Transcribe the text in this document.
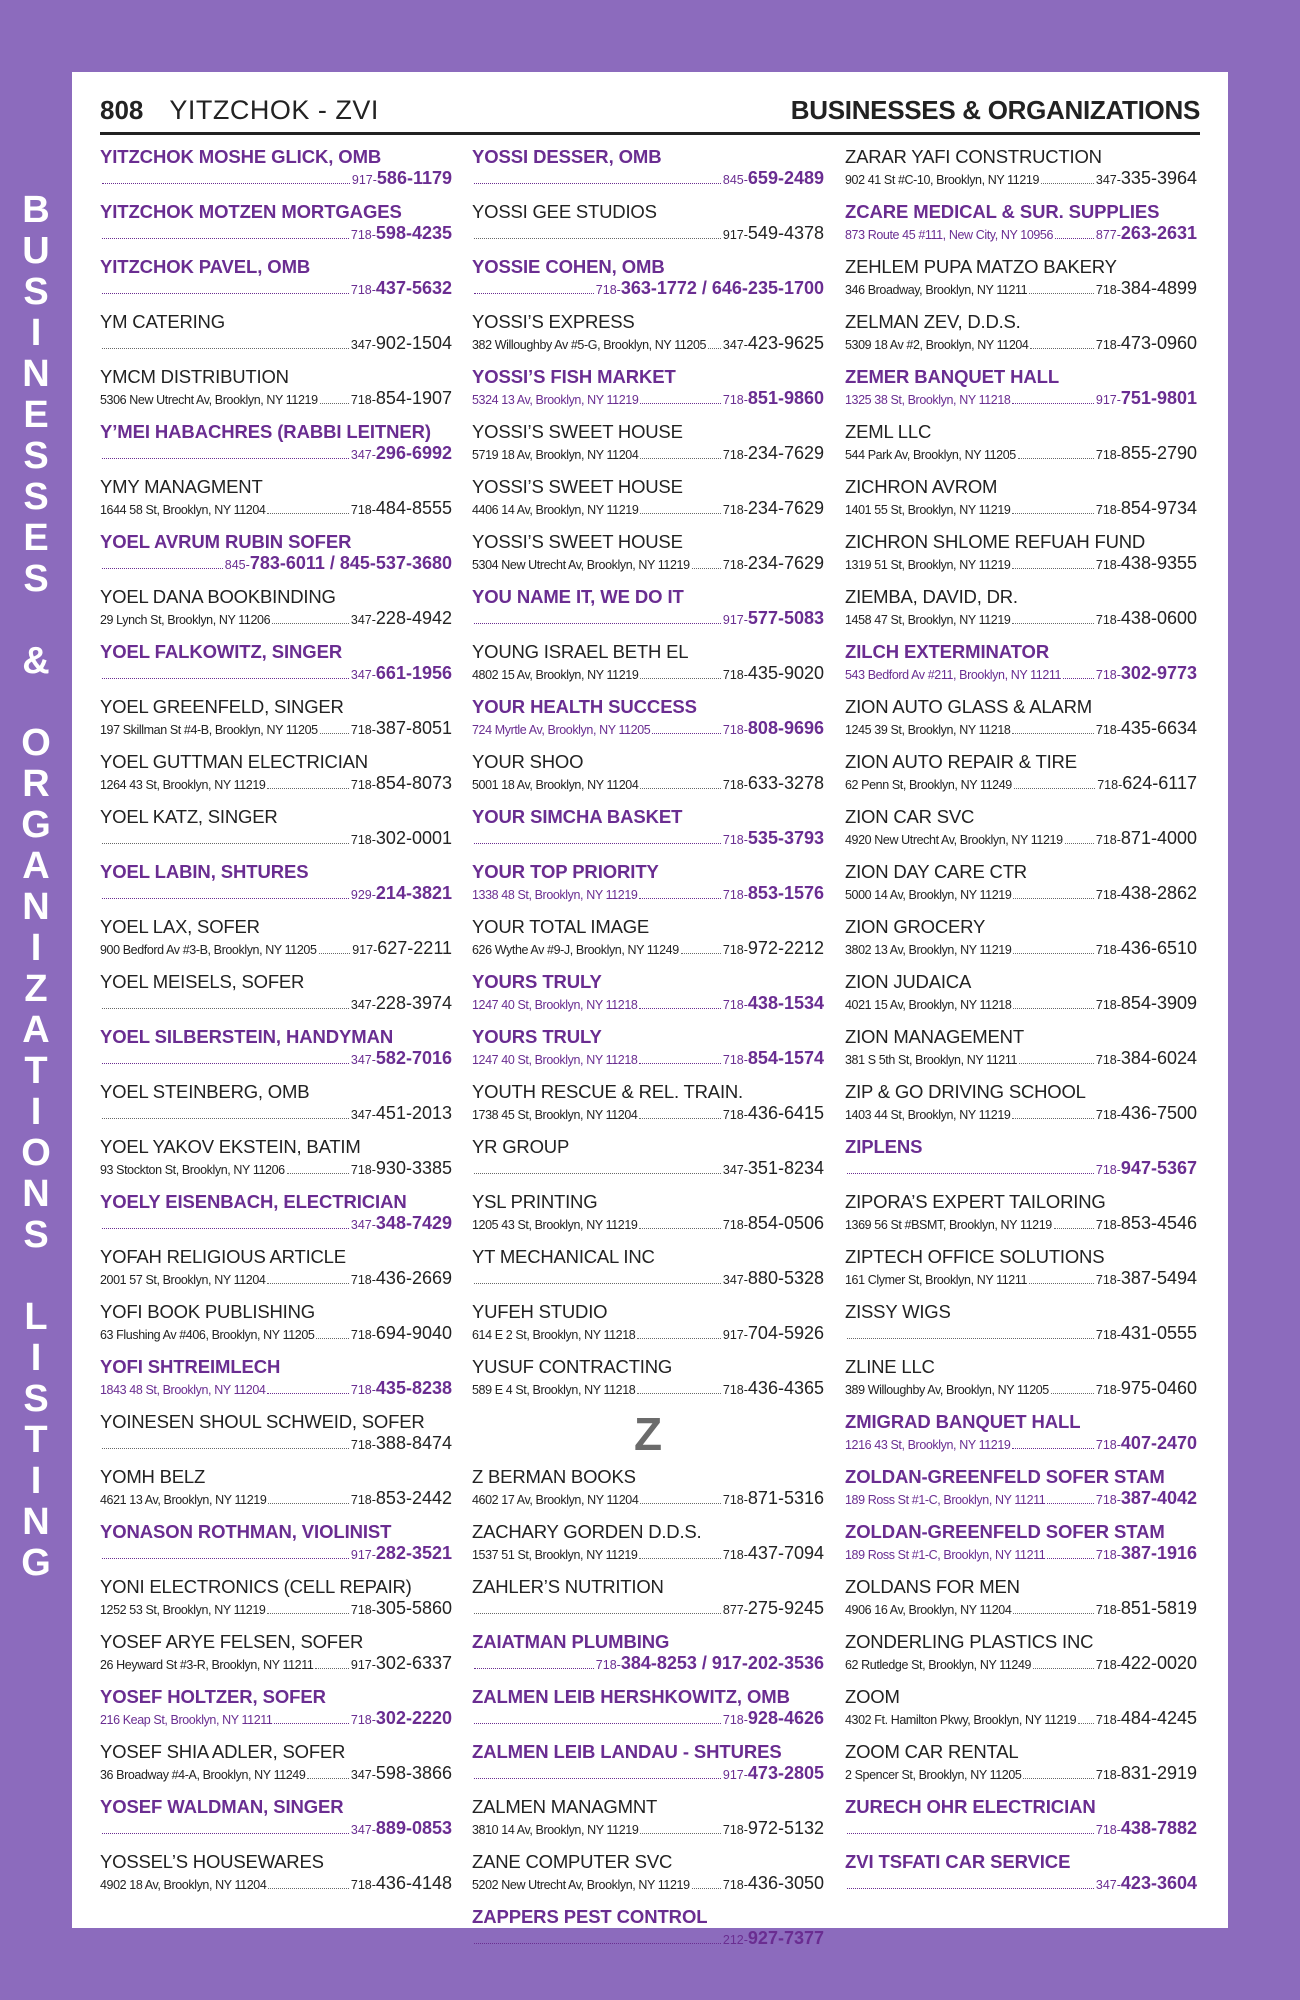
B
U
S
I
N
E
S
S
E
S
&
O
R
G
A
N
I
Z
A
T
I
O
N
S
L
I
S
T
I
N
G
808 YITZCHOK - ZVI	BUSINESSES & ORGANIZATIONS
YITZCHOK MOSHE GLICK, OMB
917-586-1179
YITZCHOK MOTZEN MORTGAGES
718-598-4235
YITZCHOK PAVEL, OMB
718-437-5632
YM CATERING
347-902-1504
YMCM DISTRIBUTION
5306 New Utrecht Av, Brooklyn, NY 11219	718-854-1907
Y’MEI HABACHRES (RABBI LEITNER)
347-296-6992
YMY MANAGMENT
1644 58 St, Brooklyn, NY 11204	718-484-8555
YOEL AVRUM RUBIN SOFER
845-783-6011 / 845-537-3680
YOEL DANA BOOKBINDING
29 Lynch St, Brooklyn, NY 11206	347-228-4942
YOEL FALKOWITZ, SINGER
347-661-1956
YOEL GREENFELD, SINGER
197 Skillman St #4-B, Brooklyn, NY 11205	718-387-8051
YOEL GUTTMAN ELECTRICIAN
1264 43 St, Brooklyn, NY 11219	718-854-8073
YOEL KATZ, SINGER
718-302-0001
YOEL LABIN, SHTURES
929-214-3821
YOEL LAX, SOFER
900 Bedford Av #3-B, Brooklyn, NY 11205	917-627-2211
YOEL MEISELS, SOFER
347-228-3974
YOEL SILBERSTEIN, HANDYMAN
347-582-7016
YOEL STEINBERG, OMB
347-451-2013
YOEL YAKOV EKSTEIN, BATIM
93 Stockton St, Brooklyn, NY 11206	718-930-3385
YOELY EISENBACH, ELECTRICIAN
347-348-7429
YOFAH RELIGIOUS ARTICLE
2001 57 St, Brooklyn, NY 11204	718-436-2669
YOFI BOOK PUBLISHING
63 Flushing Av #406, Brooklyn, NY 11205	718-694-9040
YOFI SHTREIMLECH
1843 48 St, Brooklyn, NY 11204	718-435-8238
YOINESEN SHOUL SCHWEID, SOFER
718-388-8474
YOMH BELZ
4621 13 Av, Brooklyn, NY 11219	718-853-2442
YONASON ROTHMAN, VIOLINIST
917-282-3521
YONI ELECTRONICS (CELL REPAIR)
1252 53 St, Brooklyn, NY 11219	718-305-5860
YOSEF ARYE FELSEN, SOFER
26 Heyward St #3-R, Brooklyn, NY 11211	917-302-6337
YOSEF HOLTZER, SOFER
216 Keap St, Brooklyn, NY 11211	718-302-2220
YOSEF SHIA ADLER, SOFER
36 Broadway #4-A, Brooklyn, NY 11249	347-598-3866
YOSEF WALDMAN, SINGER
347-889-0853
YOSSEL’S HOUSEWARES
4902 18 Av, Brooklyn, NY 11204	718-436-4148
YOSSI DESSER, OMB
845-659-2489
YOSSI GEE STUDIOS
917-549-4378
YOSSIE COHEN, OMB
718-363-1772 / 646-235-1700
YOSSI’S EXPRESS
382 Willoughby Av #5-G, Brooklyn, NY 11205 347-423-9625
YOSSI’S FISH MARKET
5324 13 Av, Brooklyn, NY 11219	718-851-9860
YOSSI’S SWEET HOUSE
5719 18 Av, Brooklyn, NY 11204	718-234-7629
YOSSI’S SWEET HOUSE
4406 14 Av, Brooklyn, NY 11219	718-234-7629
YOSSI’S SWEET HOUSE
5304 New Utrecht Av, Brooklyn, NY 11219	718-234-7629
YOU NAME IT, WE DO IT
917-577-5083
YOUNG ISRAEL BETH EL
4802 15 Av, Brooklyn, NY 11219	718-435-9020
YOUR HEALTH SUCCESS
724 Myrtle Av, Brooklyn, NY 11205	718-808-9696
YOUR SHOO
5001 18 Av, Brooklyn, NY 11204	718-633-3278
YOUR SIMCHA BASKET
718-535-3793
YOUR TOP PRIORITY
1338 48 St, Brooklyn, NY 11219	718-853-1576
YOUR TOTAL IMAGE
626 Wythe Av #9-J, Brooklyn, NY 11249	718-972-2212
YOURS TRULY
1247 40 St, Brooklyn, NY 11218	718-438-1534
YOURS TRULY
1247 40 St, Brooklyn, NY 11218	718-854-1574
YOUTH RESCUE & REL. TRAIN.
1738 45 St, Brooklyn, NY 11204	718-436-6415
YR GROUP
347-351-8234
YSL PRINTING
1205 43 St, Brooklyn, NY 11219	718-854-0506
YT MECHANICAL INC
347-880-5328
YUFEH STUDIO
614 E 2 St, Brooklyn, NY 11218	917-704-5926
YUSUF CONTRACTING
589 E 4 St, Brooklyn, NY 11218	718-436-4365
Z
Z BERMAN BOOKS
4602 17 Av, Brooklyn, NY 11204	718-871-5316
ZACHARY GORDEN D.D.S.
1537 51 St, Brooklyn, NY 11219	718-437-7094
ZAHLER’S NUTRITION
877-275-9245
ZAIATMAN PLUMBING
718-384-8253 / 917-202-3536
ZALMEN LEIB HERSHKOWITZ, OMB
718-928-4626
ZALMEN LEIB LANDAU - SHTURES
917-473-2805
ZALMEN MANAGMNT
3810 14 Av, Brooklyn, NY 11219	718-972-5132
ZANE COMPUTER SVC
5202 New Utrecht Av, Brooklyn, NY 11219	718-436-3050
ZAPPERS PEST CONTROL
212-927-7377
ZARAR YAFI CONSTRUCTION
902 41 St #C-10, Brooklyn, NY 11219	347-335-3964
ZCARE MEDICAL & SUR. SUPPLIES
873 Route 45 #111, New City, NY 10956	877-263-2631
ZEHLEM PUPA MATZO BAKERY
346 Broadway, Brooklyn, NY 11211	718-384-4899
ZELMAN ZEV, D.D.S.
5309 18 Av #2, Brooklyn, NY 11204	718-473-0960
ZEMER BANQUET HALL
1325 38 St, Brooklyn, NY 11218	917-751-9801
ZEML LLC
544 Park Av, Brooklyn, NY 11205	718-855-2790
ZICHRON AVROM
1401 55 St, Brooklyn, NY 11219	718-854-9734
ZICHRON SHLOME REFUAH FUND
1319 51 St, Brooklyn, NY 11219	718-438-9355
ZIEMBA, DAVID, DR.
1458 47 St, Brooklyn, NY 11219	718-438-0600
ZILCH EXTERMINATOR
543 Bedford Av #211, Brooklyn, NY 11211	718-302-9773
ZION AUTO GLASS & ALARM
1245 39 St, Brooklyn, NY 11218	718-435-6634
ZION AUTO REPAIR & TIRE
62 Penn St, Brooklyn, NY 11249	718-624-6117
ZION CAR SVC
4920 New Utrecht Av, Brooklyn, NY 11219	718-871-4000
ZION DAY CARE CTR
5000 14 Av, Brooklyn, NY 11219	718-438-2862
ZION GROCERY
3802 13 Av, Brooklyn, NY 11219	718-436-6510
ZION JUDAICA
4021 15 Av, Brooklyn, NY 11218	718-854-3909
ZION MANAGEMENT
381 S 5th St, Brooklyn, NY 11211	718-384-6024
ZIP & GO DRIVING SCHOOL
1403 44 St, Brooklyn, NY 11219	718-436-7500
ZIPLENS
718-947-5367
ZIPORA’S EXPERT TAILORING
1369 56 St #BSMT, Brooklyn, NY 11219	718-853-4546
ZIPTECH OFFICE SOLUTIONS
161 Clymer St, Brooklyn, NY 11211	718-387-5494
ZISSY WIGS
718-431-0555
ZLINE LLC
389 Willoughby Av, Brooklyn, NY 11205	718-975-0460
ZMIGRAD BANQUET HALL
1216 43 St, Brooklyn, NY 11219	718-407-2470
ZOLDAN-GREENFELD SOFER STAM
189 Ross St #1-C, Brooklyn, NY 11211	718-387-4042
ZOLDAN-GREENFELD SOFER STAM
189 Ross St #1-C, Brooklyn, NY 11211	718-387-1916
ZOLDANS FOR MEN
4906 16 Av, Brooklyn, NY 11204	718-851-5819
ZONDERLING PLASTICS INC
62 Rutledge St, Brooklyn, NY 11249	718-422-0020
ZOOM
4302 Ft. Hamilton Pkwy, Brooklyn, NY 11219 718-484-4245
ZOOM CAR RENTAL
2 Spencer St, Brooklyn, NY 11205	718-831-2919
ZURECH OHR ELECTRICIAN
718-438-7882
ZVI TSFATI CAR SERVICE
347-423-3604
